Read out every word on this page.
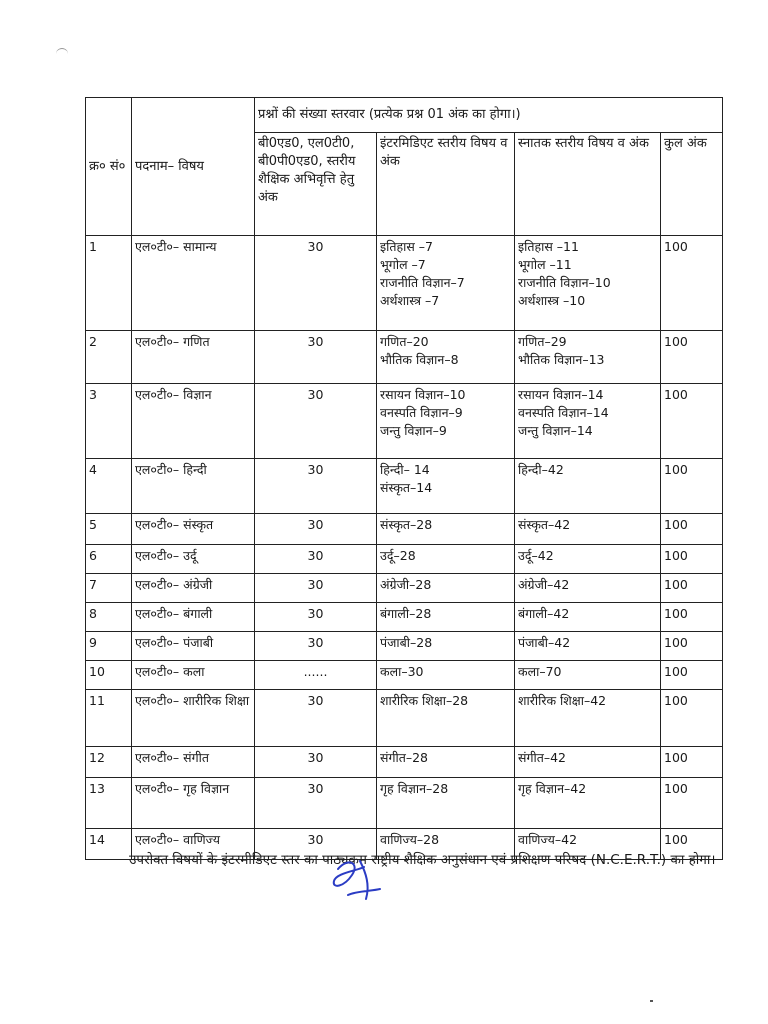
क्र० सं०	पदनाम– विषय	प्रश्नों की संख्या स्तरवार (प्रत्येक प्रश्न 01 अंक का होगा।)			
		बी0एड0, एल0टी0, बी0पी0एड0, स्तरीय शैक्षिक अभिवृत्ति हेतु अंक	इंटरमिडिएट स्तरीय विषय व अंक	स्नातक स्तरीय विषय व अंक	कुल अंक
1	एल०टी०– सामान्य	30	इतिहास –7
भूगोल –7
राजनीति विज्ञान–7
अर्थशास्त्र –7	इतिहास –11
भूगोल –11
राजनीति विज्ञान–10
अर्थशास्त्र –10	100
2	एल०टी०– गणित	30	गणित–20
भौतिक विज्ञान–8	गणित–29
भौतिक विज्ञान–13	100
3	एल०टी०– विज्ञान	30	रसायन विज्ञान–10
वनस्पति विज्ञान–9
जन्तु विज्ञान–9	रसायन विज्ञान–14
वनस्पति विज्ञान–14
जन्तु विज्ञान–14	100
4	एल०टी०– हिन्दी	30	हिन्दी– 14
संस्कृत–14	हिन्दी–42	100
5	एल०टी०– संस्कृत	30	संस्कृत–28	संस्कृत–42	100
6	एल०टी०– उर्दू	30	उर्दू–28	उर्दू–42	100
7	एल०टी०– अंग्रेजी	30	अंग्रेजी–28	अंग्रेजी–42	100
8	एल०टी०– बंगाली	30	बंगाली–28	बंगाली–42	100
9	एल०टी०– पंजाबी	30	पंजाबी–28	पंजाबी–42	100
10	एल०टी०– कला	......	कला–30	कला–70	100
11	एल०टी०– शारीरिक शिक्षा	30	शारीरिक शिक्षा–28	शारीरिक शिक्षा–42	100
12	एल०टी०– संगीत	30	संगीत–28	संगीत–42	100
13	एल०टी०– गृह विज्ञान	30	गृह विज्ञान–28	गृह विज्ञान–42	100
14	एल०टी०– वाणिज्य	30	वाणिज्य–28	वाणिज्य–42	100
उपरोक्त विषयों के इंटरमीडिएट स्तर का पाठ्यक्रम राष्ट्रीय शैक्षिक अनुसंधान एवं प्रशिक्षण परिषद (N.C.E.R.T.) का होगा।
